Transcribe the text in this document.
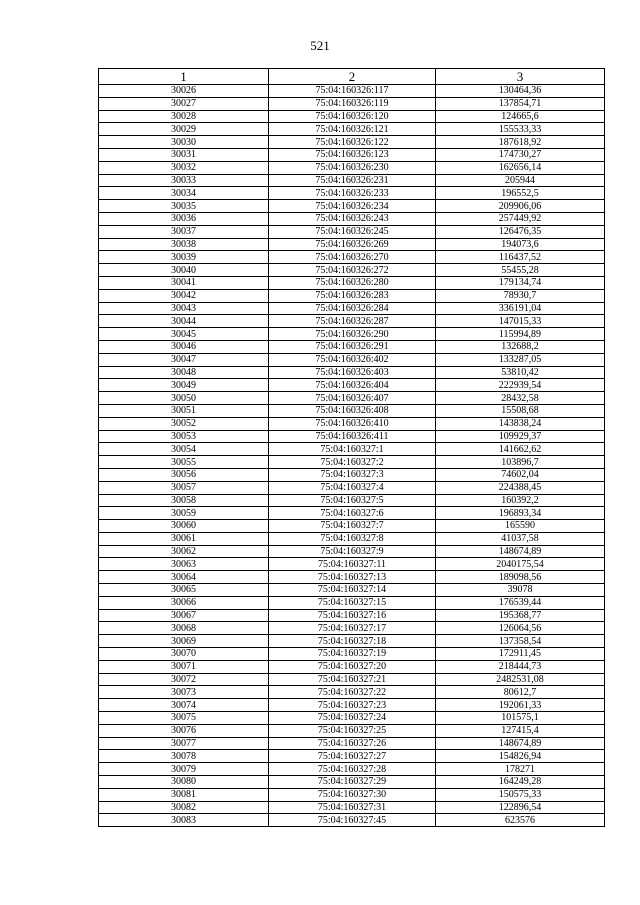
521
1	2	3
30026	75:04:160326:117	130464,36
30027	75:04:160326:119	137854,71
30028	75:04:160326:120	124665,6
30029	75:04:160326:121	155533,33
30030	75:04:160326:122	187618,92
30031	75:04:160326:123	174730,27
30032	75:04:160326:230	162656,14
30033	75:04:160326:231	205944
30034	75:04:160326:233	196552,5
30035	75:04:160326:234	209906,06
30036	75:04:160326:243	257449,92
30037	75:04:160326:245	126476,35
30038	75:04:160326:269	194073,6
30039	75:04:160326:270	116437,52
30040	75:04:160326:272	55455,28
30041	75:04:160326:280	179134,74
30042	75:04:160326:283	78930,7
30043	75:04:160326:284	336191,04
30044	75:04:160326:287	147015,33
30045	75:04:160326:290	115994,89
30046	75:04:160326:291	132688,2
30047	75:04:160326:402	133287,05
30048	75:04:160326:403	53810,42
30049	75:04:160326:404	222939,54
30050	75:04:160326:407	28432,58
30051	75:04:160326:408	15508,68
30052	75:04:160326:410	143838,24
30053	75:04:160326:411	109929,37
30054	75:04:160327:1	141662,62
30055	75:04:160327:2	103896,7
30056	75:04:160327:3	74602,04
30057	75:04:160327:4	224388,45
30058	75:04:160327:5	160392,2
30059	75:04:160327:6	196893,34
30060	75:04:160327:7	165590
30061	75:04:160327:8	41037,58
30062	75:04:160327:9	148674,89
30063	75:04:160327:11	2040175,54
30064	75:04:160327:13	189098,56
30065	75:04:160327:14	39078
30066	75:04:160327:15	176539,44
30067	75:04:160327:16	195368,77
30068	75:04:160327:17	126064,56
30069	75:04:160327:18	137358,54
30070	75:04:160327:19	172911,45
30071	75:04:160327:20	218444,73
30072	75:04:160327:21	2482531,08
30073	75:04:160327:22	80612,7
30074	75:04:160327:23	192061,33
30075	75:04:160327:24	101575,1
30076	75:04:160327:25	127415,4
30077	75:04:160327:26	148674,89
30078	75:04:160327:27	154826,94
30079	75:04:160327:28	178271
30080	75:04:160327:29	164249,28
30081	75:04:160327:30	150575,33
30082	75:04:160327:31	122896,54
30083	75:04:160327:45	623576
